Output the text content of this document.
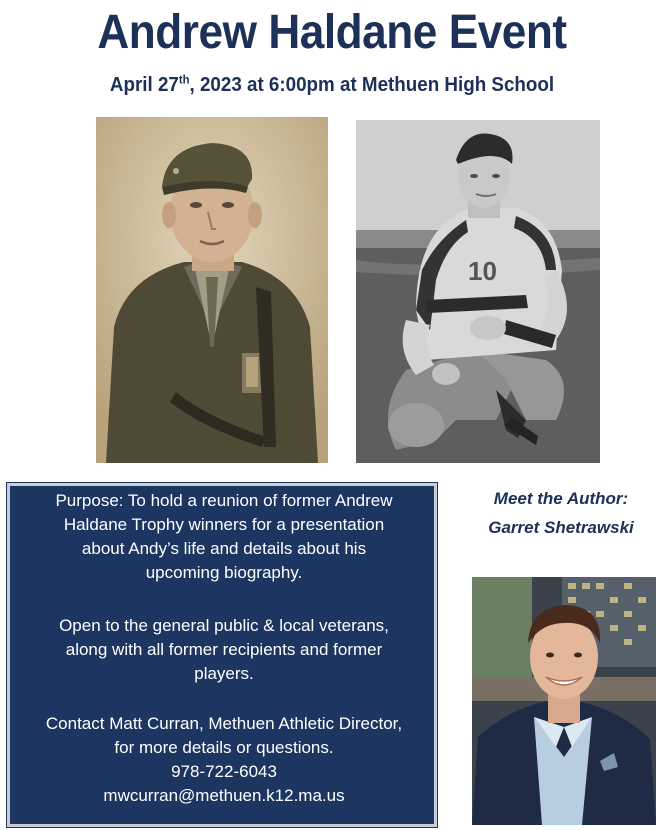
Andrew Haldane Event
April 27th, 2023 at 6:00pm at Methuen High School
10

Purpose: To hold a reunion of former Andrew

Haldane Trophy winners for a presentation

about Andy’s life and details about his

upcoming biography.

Open to the general public & local veterans,

along with all former recipients and former

players.

Contact Matt Curran, Methuen Athletic Director,

for more details or questions.

978-722-6043

mwcurran@methuen.k12.ma.us

Meet the Author:
Garret Shetrawski
